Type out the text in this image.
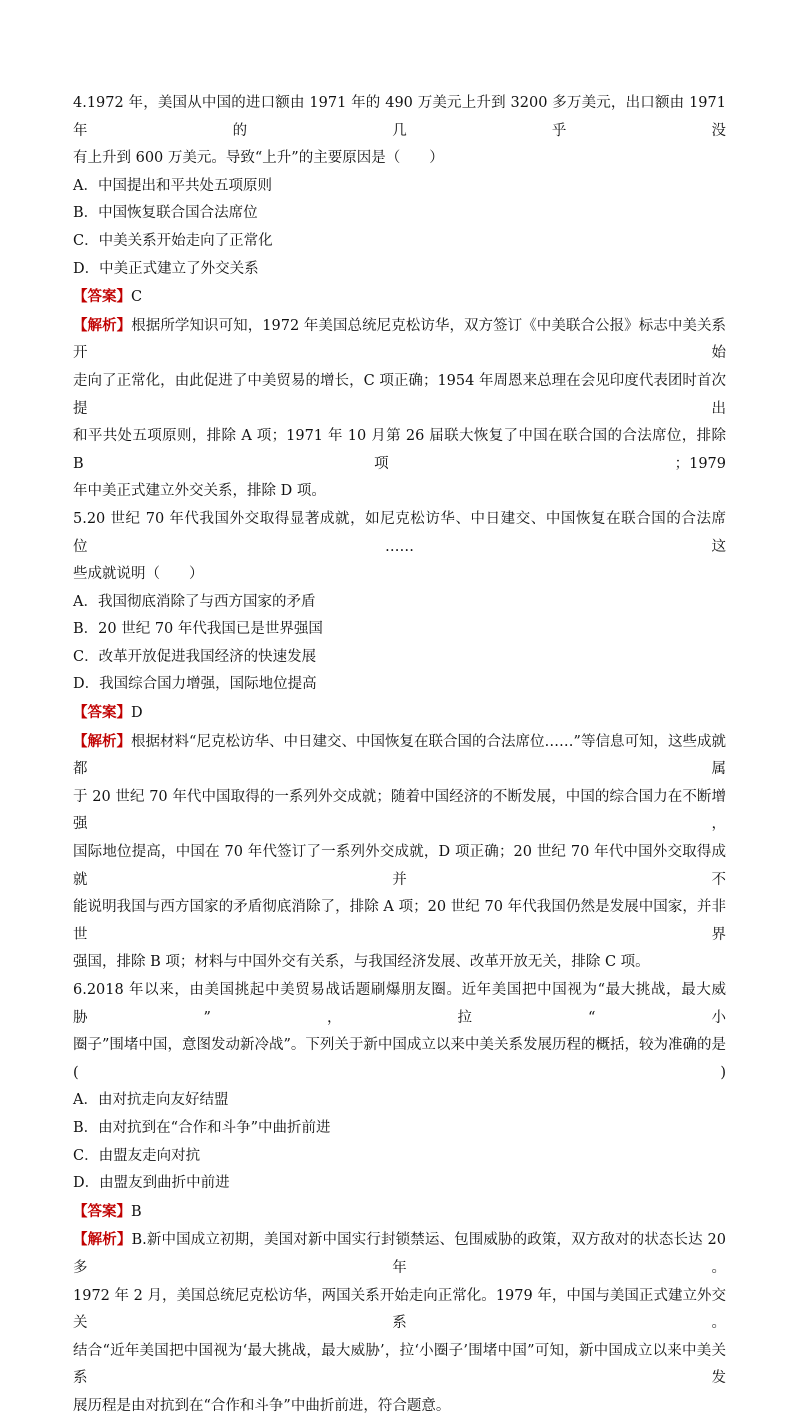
4.1972 年，美国从中国的进口额由 1971 年的 490 万美元上升到 3200 多万美元，出口额由 1971 年的几乎没
有上升到 600 万美元。导致“上升”的主要原因是（　　）
A．中国提出和平共处五项原则
B．中国恢复联合国合法席位
C．中美关系开始走向了正常化
D．中美正式建立了外交关系
【答案】C
【解析】根据所学知识可知，1972 年美国总统尼克松访华，双方签订《中美联合公报》标志中美关系开始
走向了正常化，由此促进了中美贸易的增长，C 项正确；1954 年周恩来总理在会见印度代表团时首次提出
和平共处五项原则，排除 A 项；1971 年 10 月第 26 届联大恢复了中国在联合国的合法席位，排除 B 项；1979
年中美正式建立外交关系，排除 D 项。
5.20 世纪 70 年代我国外交取得显著成就，如尼克松访华、中日建交、中国恢复在联合国的合法席位……这
些成就说明（　　）
A．我国彻底消除了与西方国家的矛盾
B．20 世纪 70 年代我国已是世界强国
C．改革开放促进我国经济的快速发展
D．我国综合国力增强，国际地位提高
【答案】D
【解析】根据材料“尼克松访华、中日建交、中国恢复在联合国的合法席位……”等信息可知，这些成就都属
于 20 世纪 70 年代中国取得的一系列外交成就；随着中国经济的不断发展，中国的综合国力在不断增强，
国际地位提高，中国在 70 年代签订了一系列外交成就，D 项正确；20 世纪 70 年代中国外交取得成就并不
能说明我国与西方国家的矛盾彻底消除了，排除 A 项；20 世纪 70 年代我国仍然是发展中国家，并非世界
强国，排除 B 项；材料与中国外交有关系，与我国经济发展、改革开放无关，排除 C 项。
6.2018 年以来，由美国挑起中美贸易战话题刷爆朋友圈。近年美国把中国视为“最大挑战，最大威胁”，拉“小
圈子”围堵中国，意图发动新冷战”。下列关于新中国成立以来中美关系发展历程的概括，较为准确的是(　　)
A．由对抗走向友好结盟
B．由对抗到在“合作和斗争”中曲折前进
C．由盟友走向对抗
D．由盟友到曲折中前进
【答案】B
【解析】B.新中国成立初期，美国对新中国实行封锁禁运、包围威胁的政策，双方敌对的状态长达 20 多年。
1972 年 2 月，美国总统尼克松访华，两国关系开始走向正常化。1979 年，中国与美国正式建立外交关系。
结合“近年美国把中国视为‘最大挑战，最大威胁’，拉‘小圈子’围堵中国”可知，新中国成立以来中美关系发
展历程是由对抗到在“合作和斗争”中曲折前进，符合题意。
